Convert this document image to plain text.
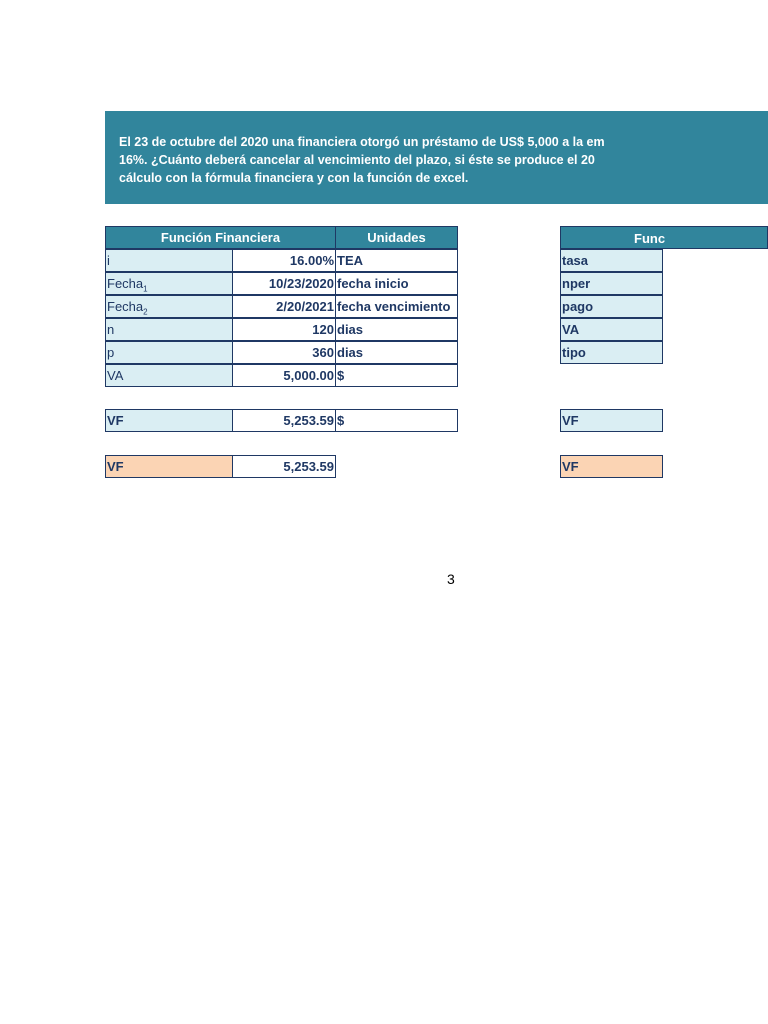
El 23 de octubre del 2020 una financiera otorgó un préstamo de US$ 5,000 a la em
16%. ¿Cuánto deberá cancelar al vencimiento del plazo, si éste se produce el 20
cálculo con la fórmula financiera y con la función de excel.
Función Financiera	Unidades
i	16.00% TEA
Fecha$_1$	10/23/2020 fecha inicio
Fecha$_2$	2/20/2021 fecha vencimiento
n	120 dias
p	360 dias
VA	5,000.00 $
VF	5,253.59 $
VF	5,253.59
Func
tasa
nper
pago
VA
tipo
VF
VF
3
